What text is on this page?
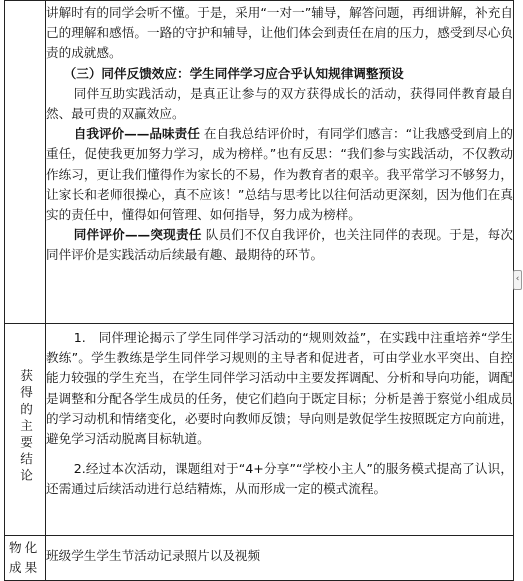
	讲解时有的同学会听不懂。于是，采用“一对一”辅导，解答问题，再细讲解，补充自己的理解和感悟。一路的守护和辅导，让他们体会到责任在肩的压力，感受到尽心负责的成就感。

（三）同伴反馈效应：学生同伴学习应合乎认知规律调整预设

同伴互助实践活动，是真正让参与的双方获得成长的活动，获得同伴教育最自然、最可贵的双赢效应。

自我评价——品味责任 在自我总结评价时，有同学们感言：“让我感受到肩上的重任，促使我更加努力学习，成为榜样。”也有反思：“我们参与实践活动，不仅教动作练习，更让我们懂得作为家长的不易，作为教育者的艰辛。我平常学习不够努力，让家长和老师很操心，真不应该！”总结与思考比以往何活动更深刻，因为他们在真实的责任中，懂得如何管理、如何指导，努力成为榜样。

同伴评价——突现责任 队员们不仅自我评价，也关注同伴的表现。于是，每次同伴评价是实践活动后续最有趣、最期待的环节。

获得的主要结论	1.　同伴理论揭示了学生同伴学习活动的“规则效益”，在实践中注重培养“学生教练”。学生教练是学生同伴学习规则的主导者和促进者，可由学业水平突出、自控能力较强的学生充当，在学生同伴学习活动中主要发挥调配、分析和导向功能，调配是调整和分配各学生成员的任务，使它们趋向于既定目标；分析是善于察觉小组成员的学习动机和情绪变化，必要时向教师反馈；导向则是敦促学生按照既定方向前进，避免学习活动脱离目标轨道。

2.经过本次活动，课题组对于“4+分享”“学校小主人”的服务模式提高了认识，还需通过后续活动进行总结精炼，从而形成一定的模式流程。

物化成果	班级学生学生节活动记录照片以及视频

‹
